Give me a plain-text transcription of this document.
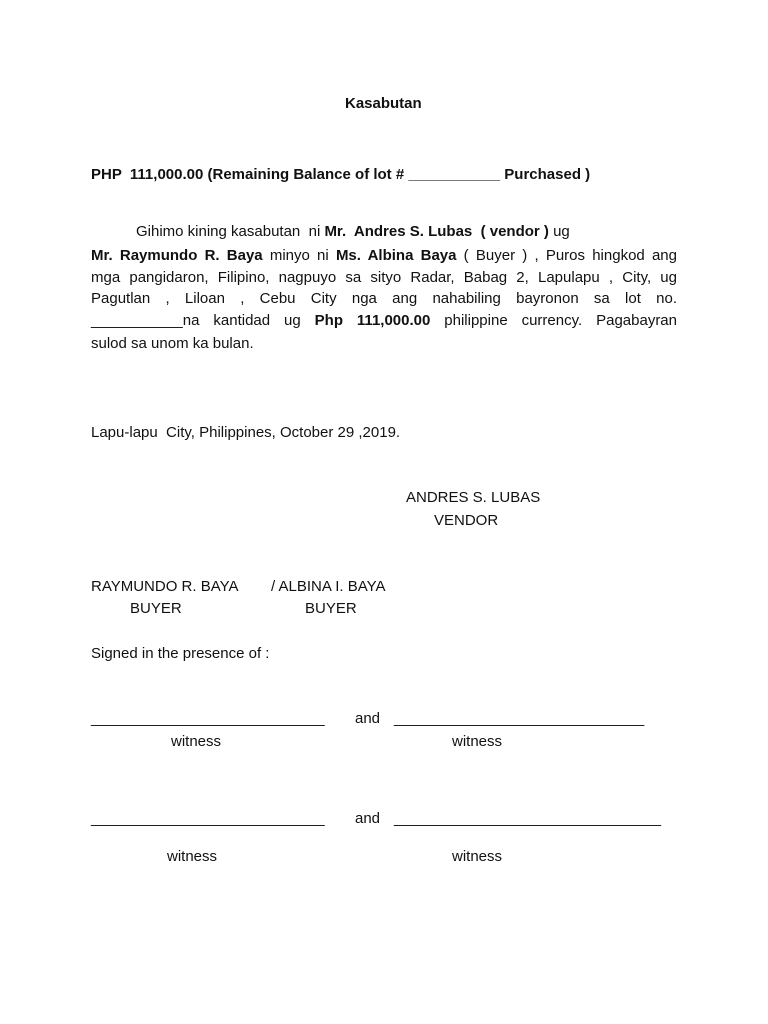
Kasabutan
PHP  111,000.00 (Remaining Balance of lot # ___________ Purchased )
Gihimo kining kasabutan  ni Mr.  Andres S. Lubas  ( vendor ) ug
Mr. Raymundo R. Baya minyo ni Ms. Albina Baya ( Buyer ) , Puros hingkod ang
mga pangidaron, Filipino, nagpuyo sa sityo Radar, Babag 2, Lapulapu , City, ug
Pagutlan , Liloan , Cebu City nga ang nahabiling bayronon sa lot no.
___________na kantidad ug Php 111,000.00 philippine currency. Pagabayran
sulod sa unom ka bulan.
Lapu-lapu  City, Philippines, October 29 ,2019.
ANDRES S. LUBAS
VENDOR
RAYMUNDO R. BAYA / ALBINA I. BAYA
BUYER	BUYER
Signed in the presence of :
____________________________ and ______________________________
witness	witness
____________________________ and ________________________________
witness	witness
